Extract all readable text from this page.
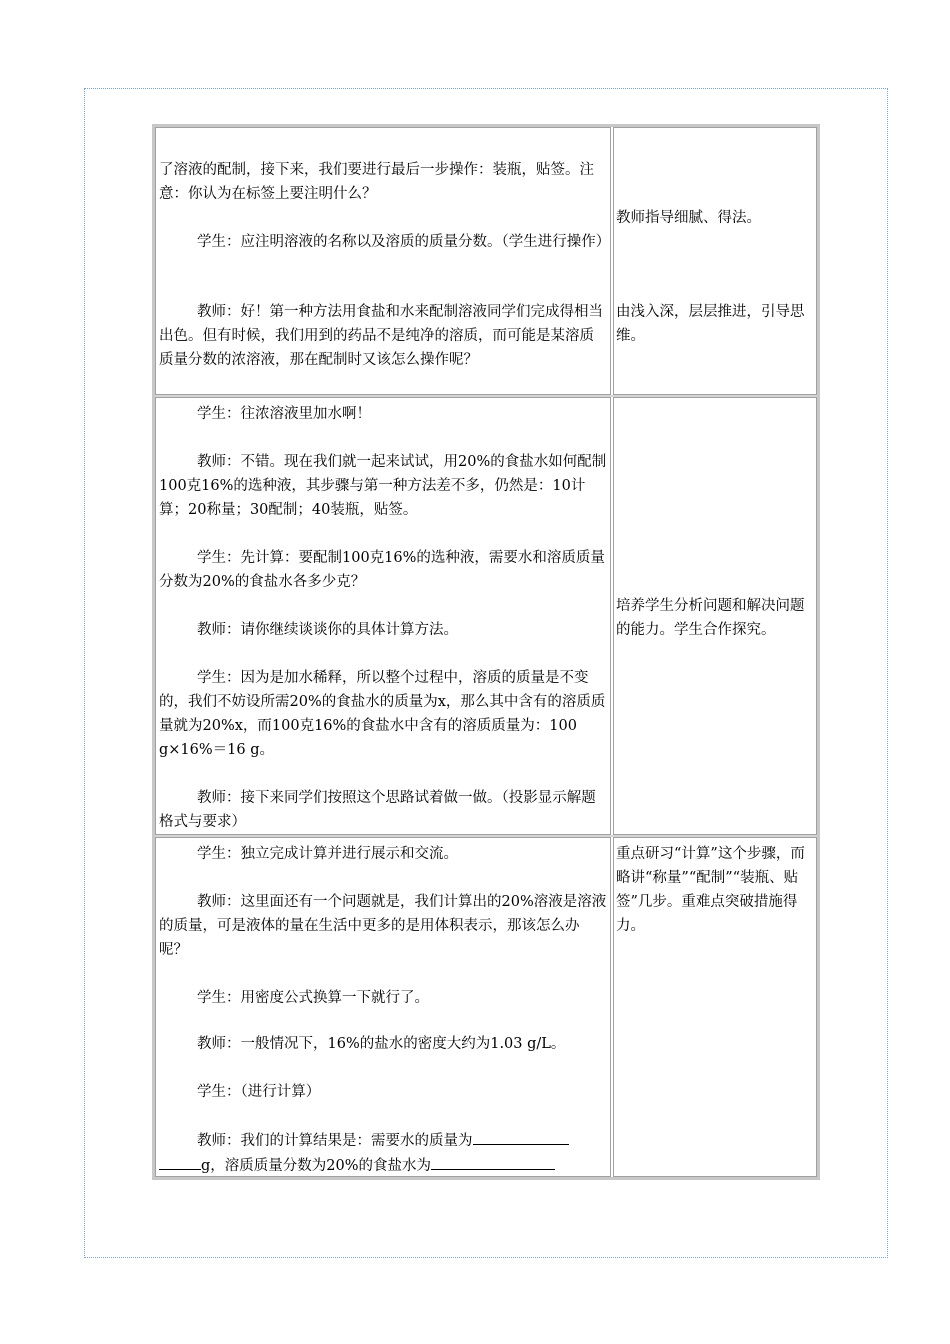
了溶液的配制，接下来，我们要进行最后一步操作：装瓶，贴签。注意：你认为在标签上要注明什么？

学生：应注明溶液的名称以及溶质的质量分数。（学生进行操作）

教师：好！第一种方法用食盐和水来配制溶液同学们完成得相当出色。但有时候，我们用到的药品不是纯净的溶质，而可能是某溶质质量分数的浓溶液，那在配制时又该怎么操作呢？

教师指导细腻、得法。

由浅入深，层层推进，引导思维。

学生：往浓溶液里加水啊！

教师：不错。现在我们就一起来试试，用20%的食盐水如何配制100克16%的选种液，其步骤与第一种方法差不多，仍然是：10计算；20称量；30配制；40装瓶，贴签。

学生：先计算：要配制100克16%的选种液，需要水和溶质质量分数为20%的食盐水各多少克？

教师：请你继续谈谈你的具体计算方法。

学生：因为是加水稀释，所以整个过程中，溶质的质量是不变的，我们不妨设所需20%的食盐水的质量为x，那么其中含有的溶质质量就为20%x，而100克16%的食盐水中含有的溶质质量为：100 g×16%＝16 g。

教师：接下来同学们按照这个思路试着做一做。（投影显示解题格式与要求）

培养学生分析问题和解决问题的能力。学生合作探究。

学生：独立完成计算并进行展示和交流。

教师：这里面还有一个问题就是，我们计算出的20%溶液是溶液的质量，可是液体的量在生活中更多的是用体积表示，那该怎么办呢？

学生：用密度公式换算一下就行了。

教师：一般情况下，16%的盐水的密度大约为1.03 g/L。

学生：（进行计算）

教师：我们的计算结果是：需要水的质量为

g，溶质质量分数为20%的食盐水为

重点研习“计算”这个步骤，而略讲“称量”“配制”“装瓶、贴签”几步。重难点突破措施得力。
